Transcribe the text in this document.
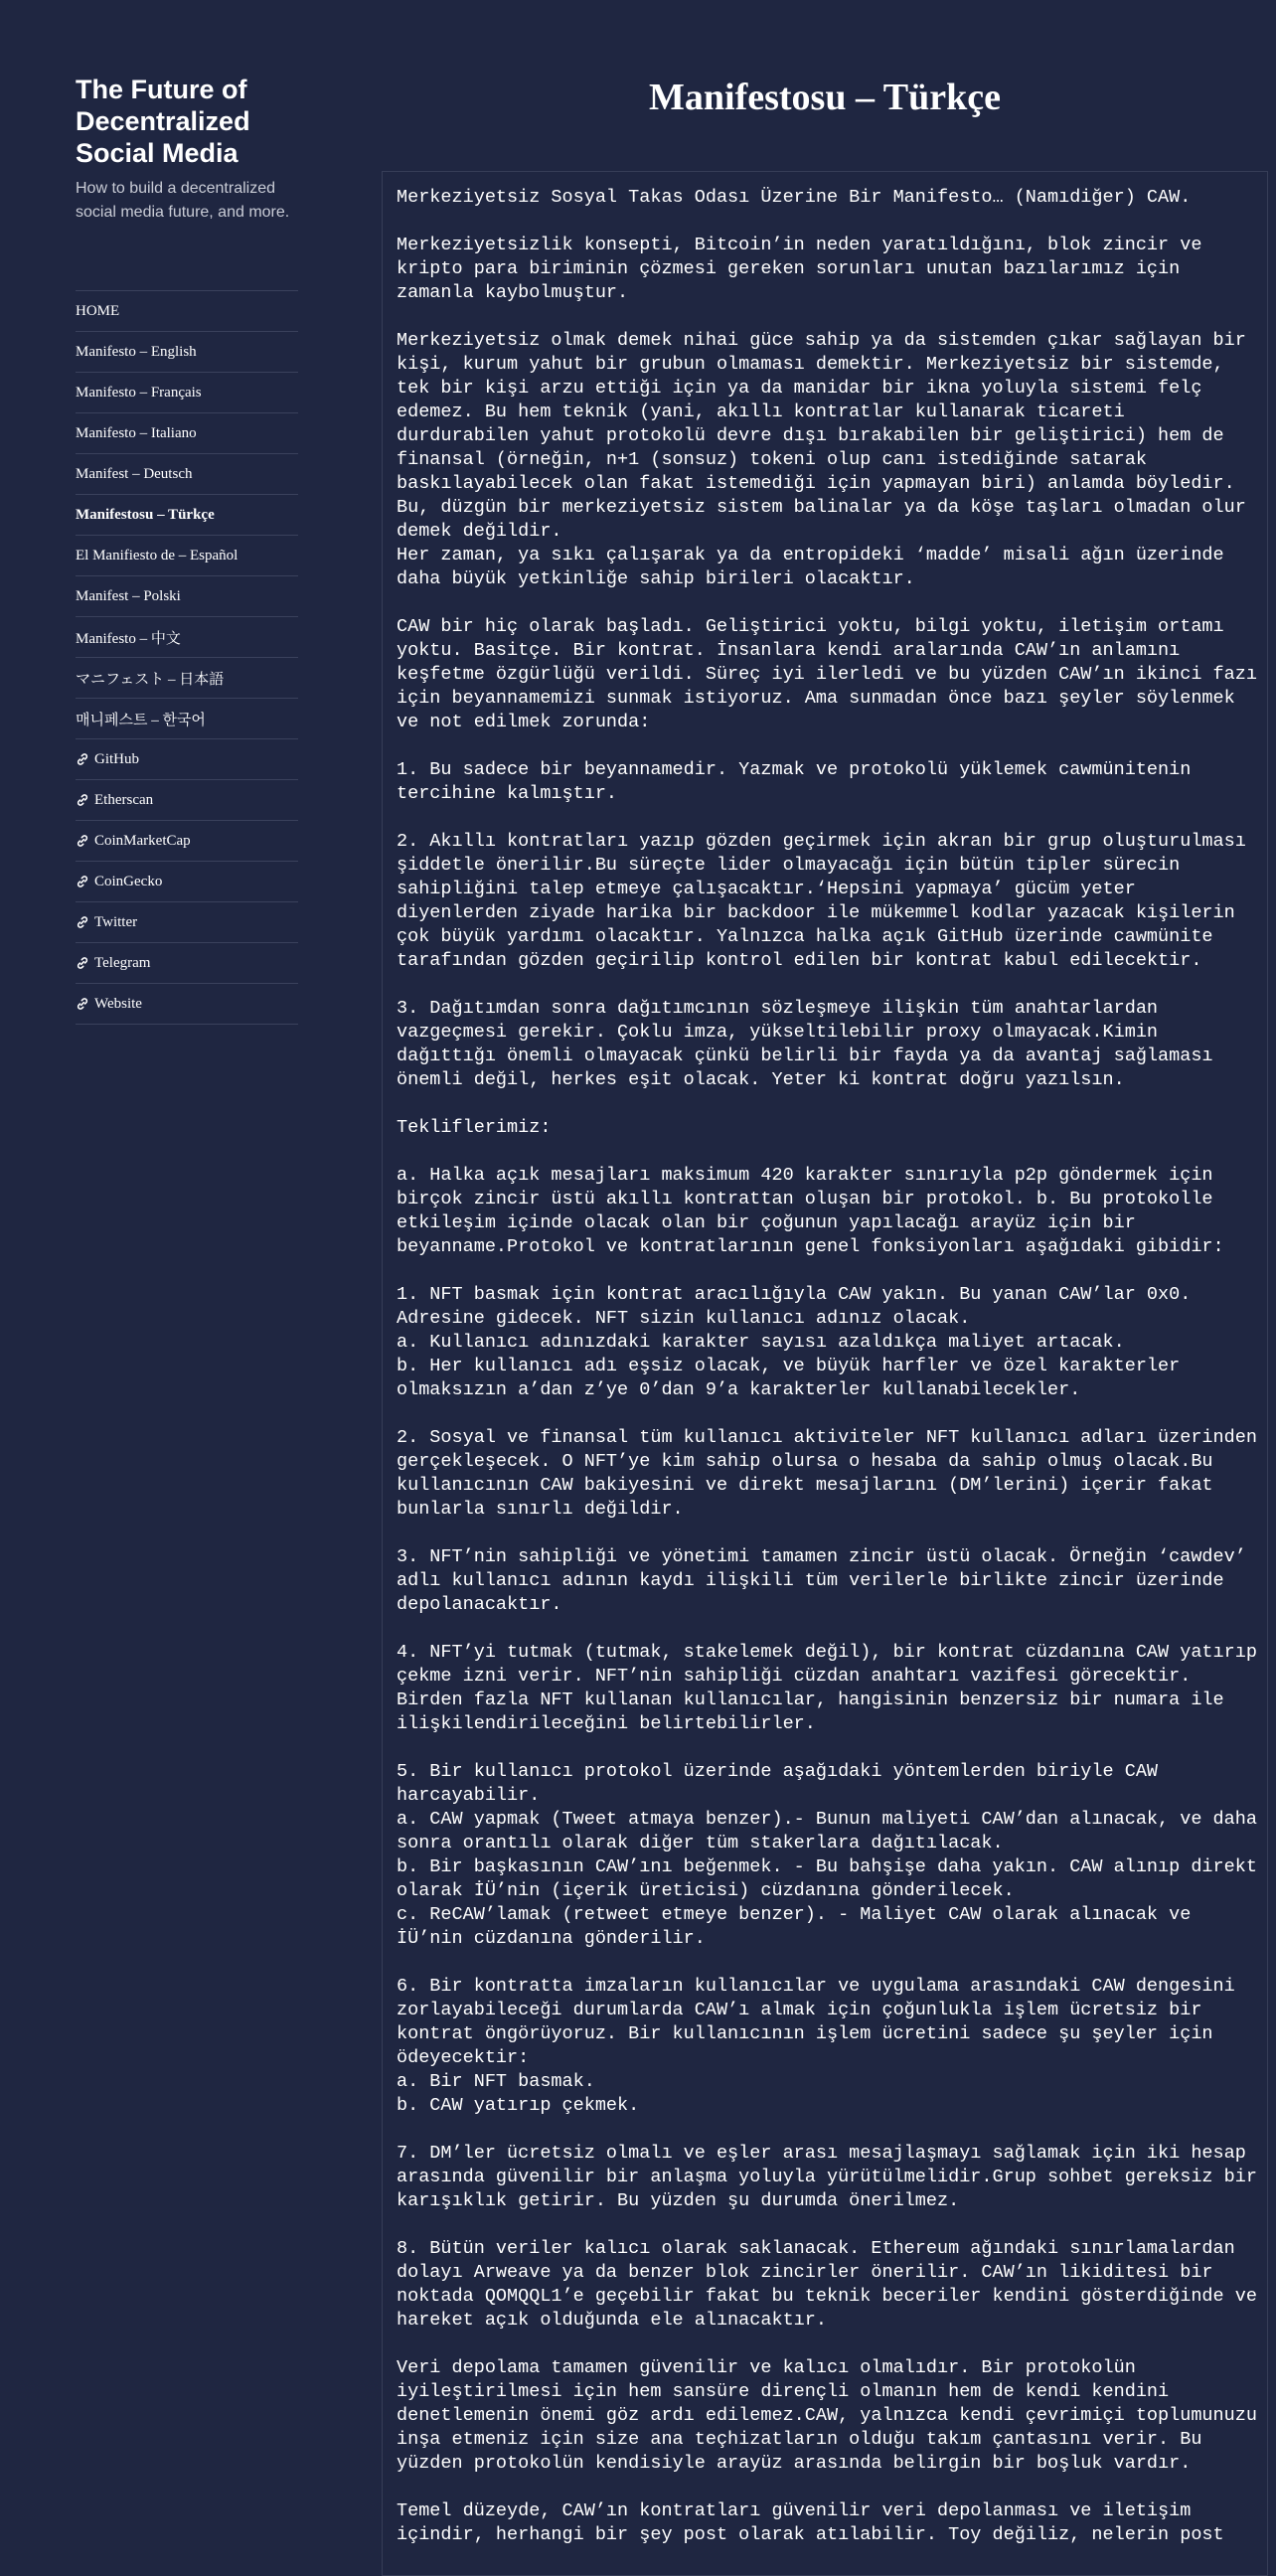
The Future of Decentralized Social Media

How to build a decentralized social media future, and more.

HOME
Manifesto – English
Manifesto – Français
Manifesto – Italiano
Manifest – Deutsch
Manifestosu – Türkçe
El Manifiesto de – Español
Manifest – Polski
Manifesto – 中文
マニフェスト – 日本語
매니페스트 – 한국어
GitHub
Etherscan
CoinMarketCap
CoinGecko
Twitter
Telegram
Website
Manifestosu – Türkçe
Merkeziyetsiz Sosyal Takas Odası Üzerine Bir Manifesto… (Namıdiğer) CAW.

Merkeziyetsizlik konsepti, Bitcoin’in neden yaratıldığını, blok zincir ve
kripto para biriminin çözmesi gereken sorunları unutan bazılarımız için
zamanla kaybolmuştur.

Merkeziyetsiz olmak demek nihai güce sahip ya da sistemden çıkar sağlayan bir
kişi, kurum yahut bir grubun olmaması demektir. Merkeziyetsiz bir sistemde,
tek bir kişi arzu ettiği için ya da manidar bir ikna yoluyla sistemi felç
edemez. Bu hem teknik (yani, akıllı kontratlar kullanarak ticareti
durdurabilen yahut protokolü devre dışı bırakabilen bir geliştirici) hem de
finansal (örneğin, n+1 (sonsuz) tokeni olup canı istediğinde satarak
baskılayabilecek olan fakat istemediği için yapmayan biri) anlamda böyledir.
Bu, düzgün bir merkeziyetsiz sistem balinalar ya da köşe taşları olmadan olur
demek değildir.
Her zaman, ya sıkı çalışarak ya da entropideki ‘madde’ misali ağın üzerinde
daha büyük yetkinliğe sahip birileri olacaktır.

CAW bir hiç olarak başladı. Geliştirici yoktu, bilgi yoktu, iletişim ortamı
yoktu. Basitçe. Bir kontrat. İnsanlara kendi aralarında CAW’ın anlamını
keşfetme özgürlüğü verildi. Süreç iyi ilerledi ve bu yüzden CAW’ın ikinci fazı
için beyannamemizi sunmak istiyoruz. Ama sunmadan önce bazı şeyler söylenmek
ve not edilmek zorunda:

1. Bu sadece bir beyannamedir. Yazmak ve protokolü yüklemek cawmünitenin
tercihine kalmıştır.

2. Akıllı kontratları yazıp gözden geçirmek için akran bir grup oluşturulması
şiddetle önerilir.Bu süreçte lider olmayacağı için bütün tipler sürecin
sahipliğini talep etmeye çalışacaktır.‘Hepsini yapmaya’ gücüm yeter
diyenlerden ziyade harika bir backdoor ile mükemmel kodlar yazacak kişilerin
çok büyük yardımı olacaktır. Yalnızca halka açık GitHub üzerinde cawmünite
tarafından gözden geçirilip kontrol edilen bir kontrat kabul edilecektir.

3. Dağıtımdan sonra dağıtımcının sözleşmeye ilişkin tüm anahtarlardan
vazgeçmesi gerekir. Çoklu imza, yükseltilebilir proxy olmayacak.Kimin
dağıttığı önemli olmayacak çünkü belirli bir fayda ya da avantaj sağlaması
önemli değil, herkes eşit olacak. Yeter ki kontrat doğru yazılsın.

Tekliflerimiz:

a. Halka açık mesajları maksimum 420 karakter sınırıyla p2p göndermek için
birçok zincir üstü akıllı kontrattan oluşan bir protokol. b. Bu protokolle
etkileşim içinde olacak olan bir çoğunun yapılacağı arayüz için bir
beyanname.Protokol ve kontratlarının genel fonksiyonları aşağıdaki gibidir:

1. NFT basmak için kontrat aracılığıyla CAW yakın. Bu yanan CAW’lar 0x0.
Adresine gidecek. NFT sizin kullanıcı adınız olacak.
a. Kullanıcı adınızdaki karakter sayısı azaldıkça maliyet artacak.
b. Her kullanıcı adı eşsiz olacak, ve büyük harfler ve özel karakterler
olmaksızın a’dan z’ye 0’dan 9’a karakterler kullanabilecekler.

2. Sosyal ve finansal tüm kullanıcı aktiviteler NFT kullanıcı adları üzerinden
gerçekleşecek. O NFT’ye kim sahip olursa o hesaba da sahip olmuş olacak.Bu
kullanıcının CAW bakiyesini ve direkt mesajlarını (DM’lerini) içerir fakat
bunlarla sınırlı değildir.

3. NFT’nin sahipliği ve yönetimi tamamen zincir üstü olacak. Örneğin ‘cawdev’
adlı kullanıcı adının kaydı ilişkili tüm verilerle birlikte zincir üzerinde
depolanacaktır.

4. NFT’yi tutmak (tutmak, stakelemek değil), bir kontrat cüzdanına CAW yatırıp
çekme izni verir. NFT’nin sahipliği cüzdan anahtarı vazifesi görecektir.
Birden fazla NFT kullanan kullanıcılar, hangisinin benzersiz bir numara ile
ilişkilendirileceğini belirtebilirler.

5. Bir kullanıcı protokol üzerinde aşağıdaki yöntemlerden biriyle CAW
harcayabilir.
a. CAW yapmak (Tweet atmaya benzer).- Bunun maliyeti CAW’dan alınacak, ve daha
sonra orantılı olarak diğer tüm stakerlara dağıtılacak.
b. Bir başkasının CAW’ını beğenmek. - Bu bahşişe daha yakın. CAW alınıp direkt
olarak İÜ’nin (içerik üreticisi) cüzdanına gönderilecek.
c. ReCAW’lamak (retweet etmeye benzer). - Maliyet CAW olarak alınacak ve
İÜ’nin cüzdanına gönderilir.

6. Bir kontratta imzaların kullanıcılar ve uygulama arasındaki CAW dengesini
zorlayabileceği durumlarda CAW’ı almak için çoğunlukla işlem ücretsiz bir
kontrat öngörüyoruz. Bir kullanıcının işlem ücretini sadece şu şeyler için
ödeyecektir:
a. Bir NFT basmak.
b. CAW yatırıp çekmek.

7. DM’ler ücretsiz olmalı ve eşler arası mesajlaşmayı sağlamak için iki hesap
arasında güvenilir bir anlaşma yoluyla yürütülmelidir.Grup sohbet gereksiz bir
karışıklık getirir. Bu yüzden şu durumda önerilmez.

8. Bütün veriler kalıcı olarak saklanacak. Ethereum ağındaki sınırlamalardan
dolayı Arweave ya da benzer blok zincirler önerilir. CAW’ın likiditesi bir
noktada QOMQQL1’e geçebilir fakat bu teknik beceriler kendini gösterdiğinde ve
hareket açık olduğunda ele alınacaktır.

Veri depolama tamamen güvenilir ve kalıcı olmalıdır. Bir protokolün
iyileştirilmesi için hem sansüre dirençli olmanın hem de kendi kendini
denetlemenin önemi göz ardı edilemez.CAW, yalnızca kendi çevrimiçi toplumunuzu
inşa etmeniz için size ana teçhizatların olduğu takım çantasını verir. Bu
yüzden protokolün kendisiyle arayüz arasında belirgin bir boşluk vardır.

Temel düzeyde, CAW’ın kontratları güvenilir veri depolanması ve iletişim
içindir, herhangi bir şey post olarak atılabilir. Toy değiliz, nelerin post
